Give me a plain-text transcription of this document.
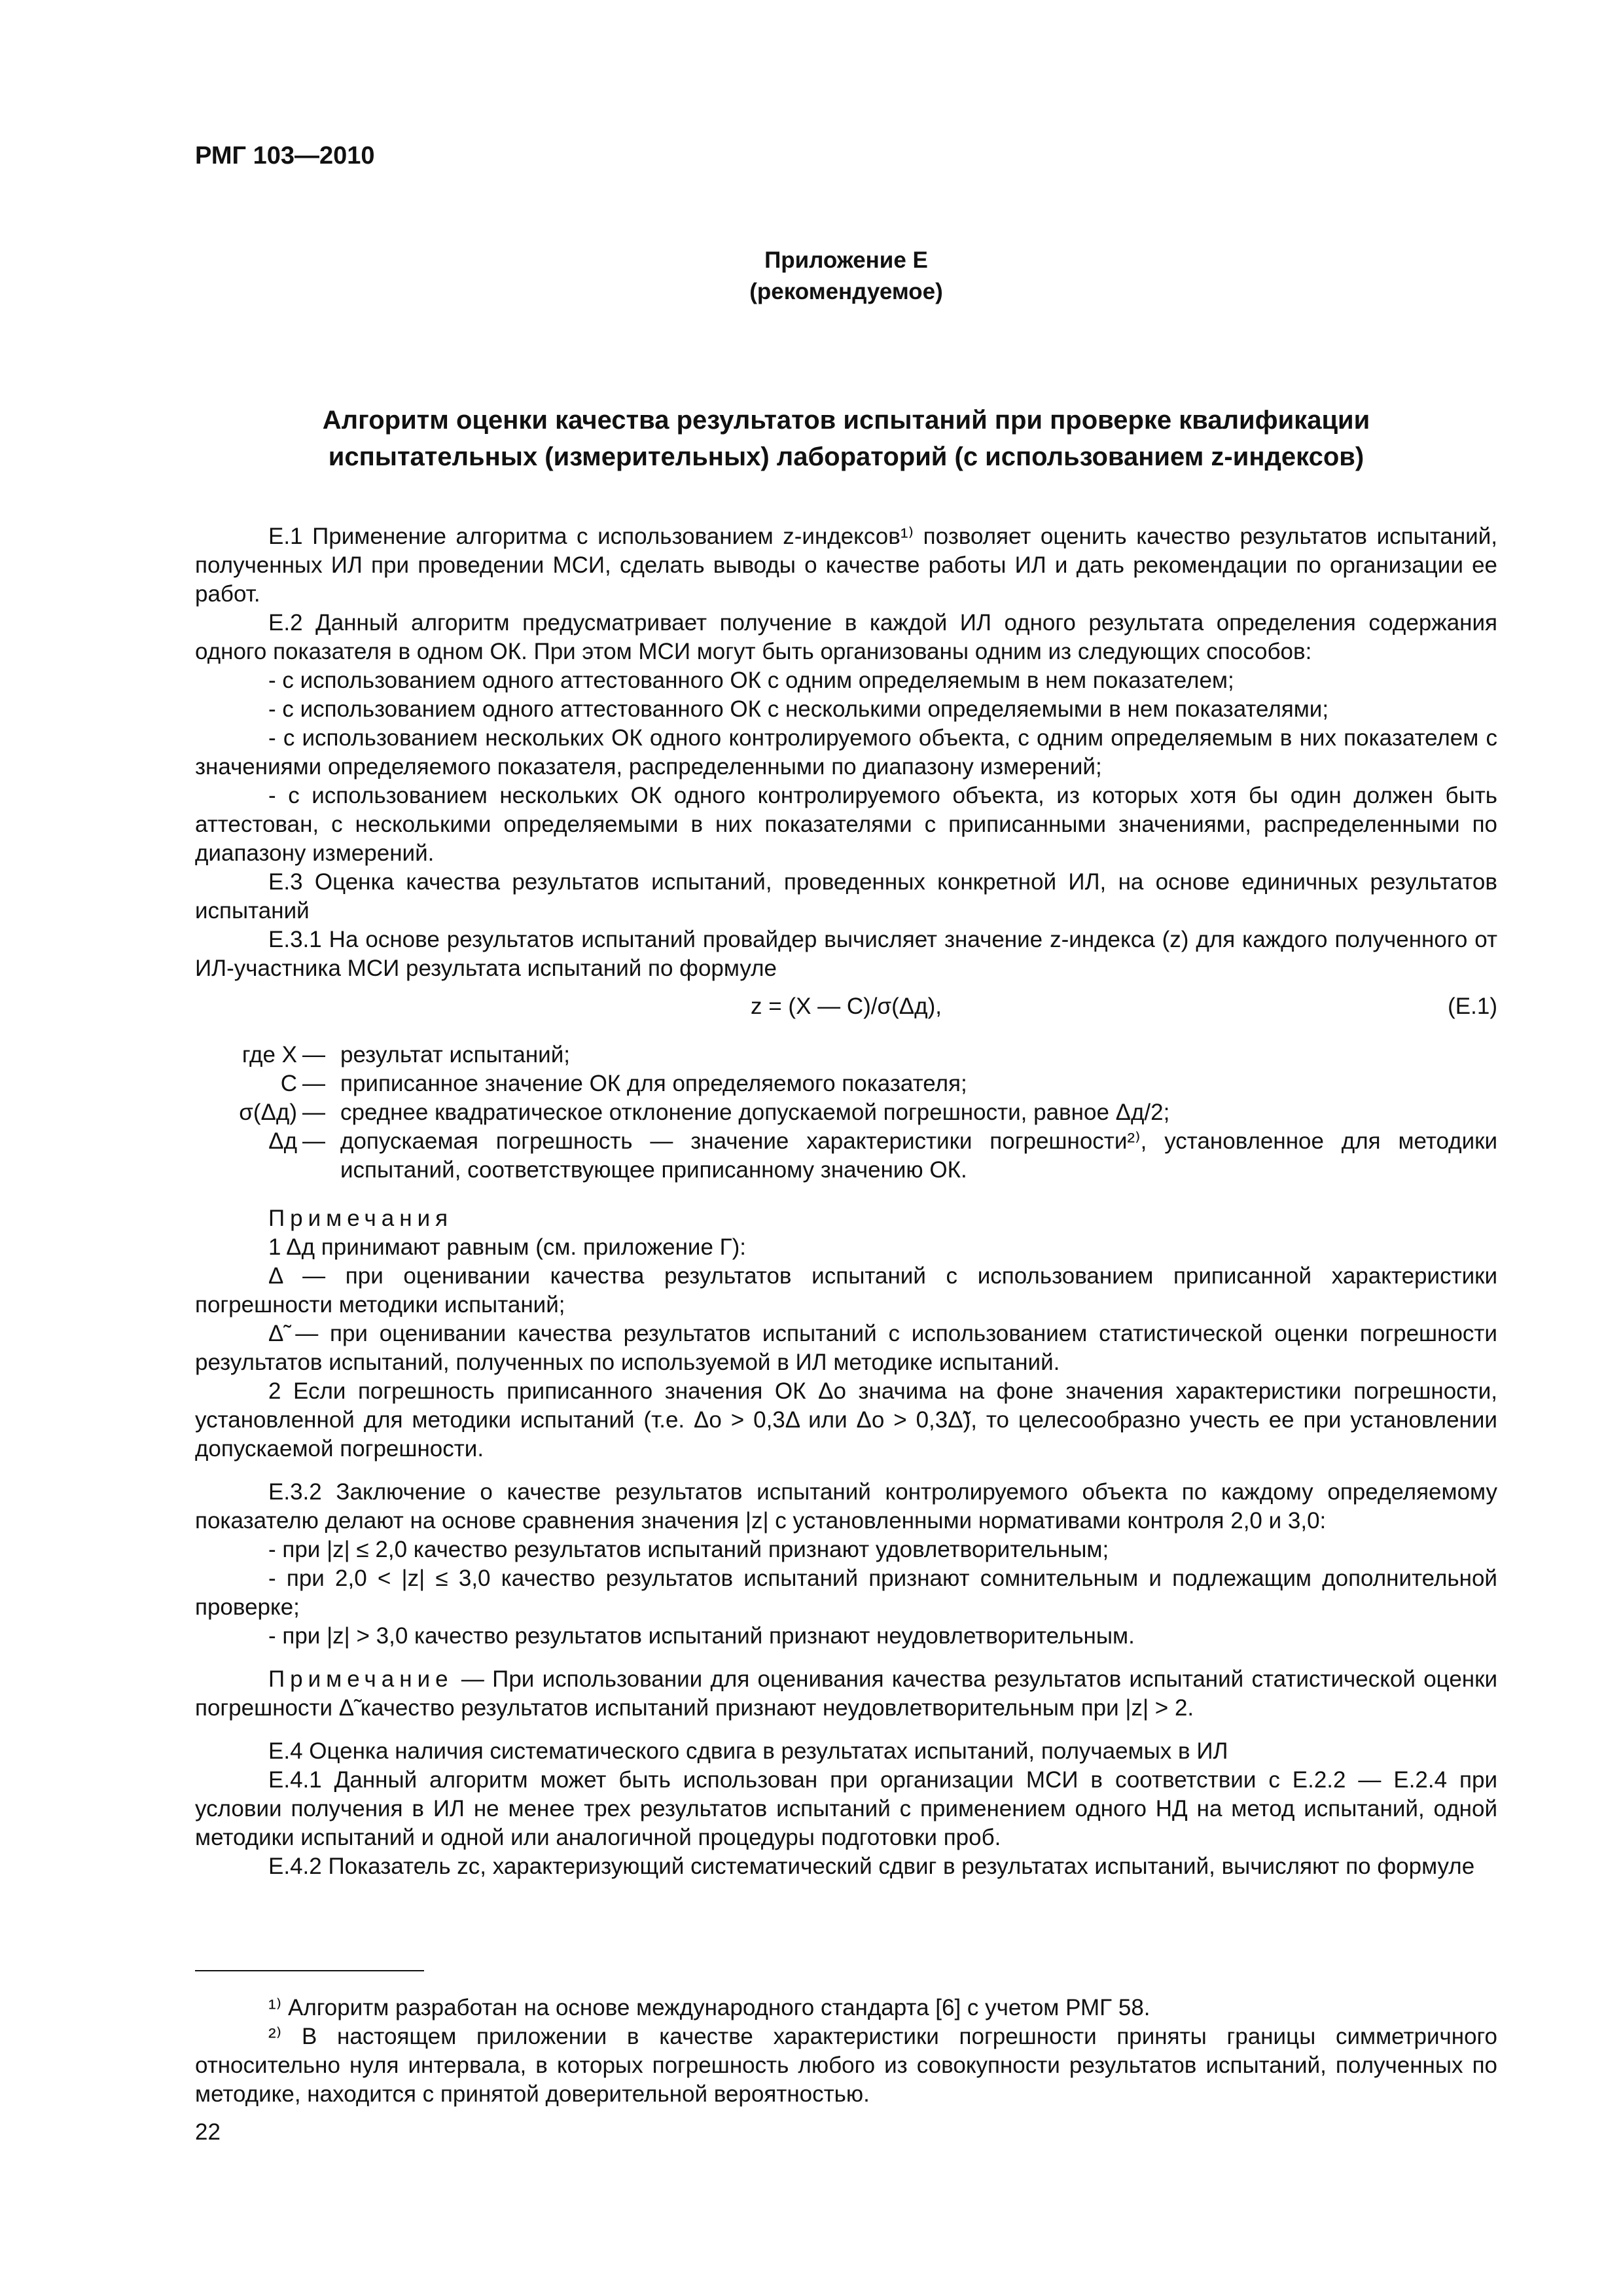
РМГ 103—2010
Приложение Е
(рекомендуемое)
Алгоритм оценки качества результатов испытаний при проверке квалификации
испытательных (измерительных) лабораторий (с использованием z-индексов)

Е.1 Применение алгоритма с использованием z-индексов¹⁾ позволяет оценить качество результатов испытаний, полученных ИЛ при проведении МСИ, сделать выводы о качестве работы ИЛ и дать рекомендации по организации ее работ.

Е.2 Данный алгоритм предусматривает получение в каждой ИЛ одного результата определения содержания одного показателя в одном ОК. При этом МСИ могут быть организованы одним из следующих способов:

- с использованием одного аттестованного ОК с одним определяемым в нем показателем;

- с использованием одного аттестованного ОК с несколькими определяемыми в нем показателями;

- с использованием нескольких ОК одного контролируемого объекта, с одним определяемым в них показателем с значениями определяемого показателя, распределенными по диапазону измерений;

- с использованием нескольких ОК одного контролируемого объекта, из которых хотя бы один должен быть аттестован, с несколькими определяемыми в них показателями с приписанными значениями, распределенными по диапазону измерений.

Е.3 Оценка качества результатов испытаний, проведенных конкретной ИЛ, на основе единичных результатов испытаний

Е.3.1 На основе результатов испытаний провайдер вычисляет значение z-индекса (z) для каждого полученного от ИЛ-участника МСИ результата испытаний по формуле

z = (X — C)/σ(Δд),	(Е.1)
где X — результат испытаний;
C — приписанное значение ОК для определяемого показателя;
σ(Δд) — среднее квадратическое отклонение допускаемой погрешности, равное Δд/2;
Δд — допускаемая погрешность — значение характеристики погрешности²⁾, установленное для методики испытаний, соответствующее приписанному значению ОК.

Примечания

1 Δд принимают равным (см. приложение Г):

Δ — при оценивании качества результатов испытаний с использованием приписанной характеристики погрешности методики испытаний;

Δ̃ — при оценивании качества результатов испытаний с использованием статистической оценки погрешности результатов испытаний, полученных по используемой в ИЛ методике испытаний.

2 Если погрешность приписанного значения ОК Δо значима на фоне значения характеристики погрешности, установленной для методики испытаний (т.е. Δо > 0,3Δ или Δо > 0,3Δ̃), то целесообразно учесть ее при установлении допускаемой погрешности.

Е.3.2 Заключение о качестве результатов испытаний контролируемого объекта по каждому определяемому показателю делают на основе сравнения значения |z| с установленными нормативами контроля 2,0 и 3,0:

- при |z| ≤ 2,0 качество результатов испытаний признают удовлетворительным;

- при 2,0 < |z| ≤ 3,0 качество результатов испытаний признают сомнительным и подлежащим дополнительной проверке;

- при |z| > 3,0 качество результатов испытаний признают неудовлетворительным.

Примечание — При использовании для оценивания качества результатов испытаний статистической оценки погрешности Δ̃ качество результатов испытаний признают неудовлетворительным при |z| > 2.

Е.4 Оценка наличия систематического сдвига в результатах испытаний, получаемых в ИЛ

Е.4.1 Данный алгоритм может быть использован при организации МСИ в соответствии с Е.2.2 — Е.2.4 при условии получения в ИЛ не менее трех результатов испытаний с применением одного НД на метод испытаний, одной методики испытаний и одной или аналогичной процедуры подготовки проб.

Е.4.2 Показатель zс, характеризующий систематический сдвиг в результатах испытаний, вычисляют по формуле

¹⁾ Алгоритм разработан на основе международного стандарта [6] с учетом РМГ 58.

²⁾ В настоящем приложении в качестве характеристики погрешности приняты границы симметричного относительно нуля интервала, в которых погрешность любого из совокупности результатов испытаний, полученных по методике, находится с принятой доверительной вероятностью.

22
